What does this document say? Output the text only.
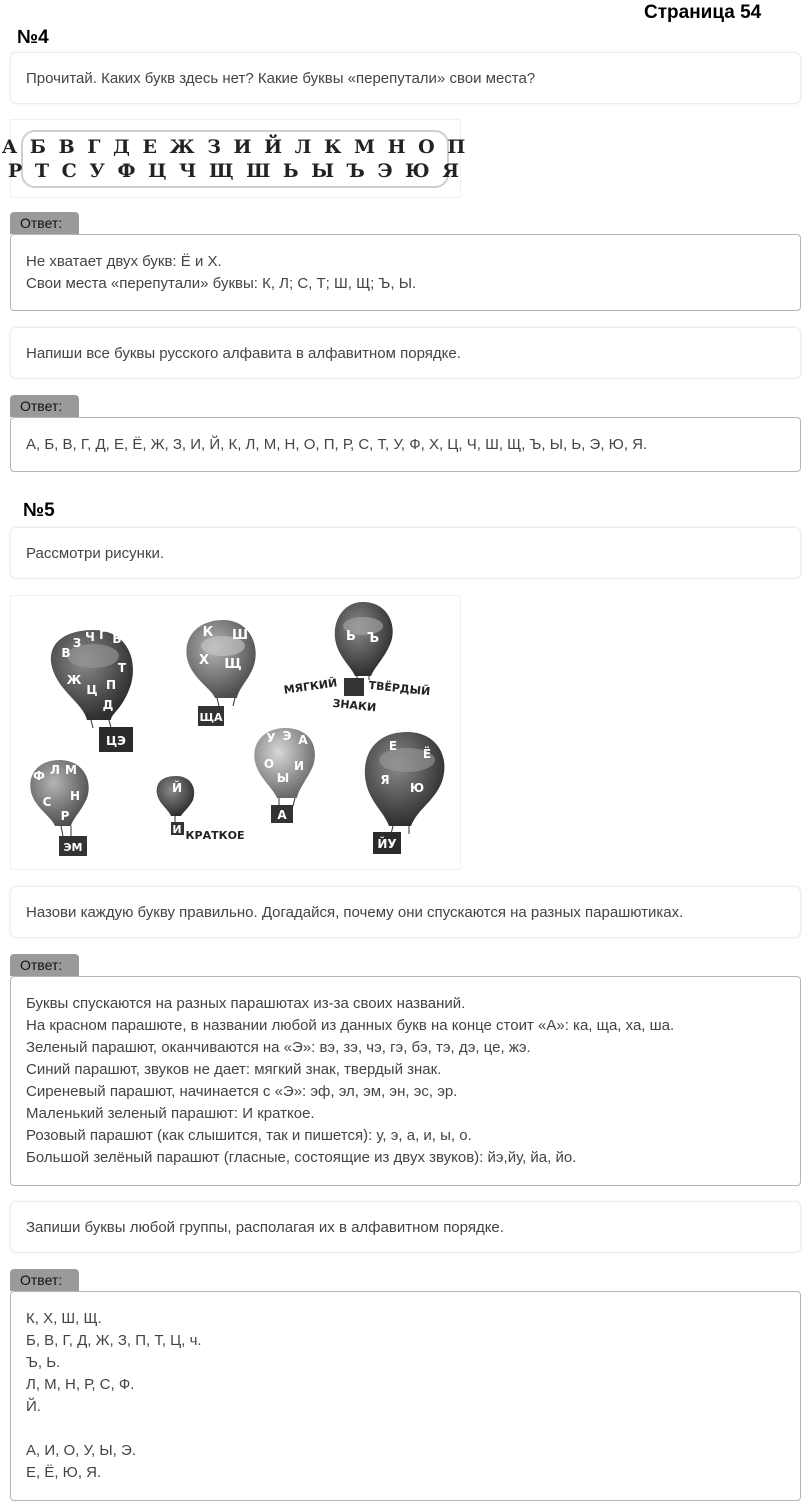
Страница 54
№4
Прочитай. Каких букв здесь нет? Какие буквы «перепутали» свои места?
А Б В Г Д Е Ж З И Й Л К М Н О П
Р Т С У Ф Ц Ч Щ Ш Ь Ы Ъ Э Ю Я
Ответ:
Не хватает двух букв: Ё и Х.
Свои места «перепутали» буквы: К, Л; С, Т; Ш, Щ; Ъ, Ы.
Напиши все буквы русского алфавита в алфавитном порядке.
Ответ:
А, Б, В, Г, Д, Е, Ё, Ж, З, И, Й, К, Л, М, Н, О, П, Р, С, Т, У, Ф, Х, Ц, Ч, Ш, Щ, Ъ, Ы, Ь, Э, Ю, Я.
№5
Рассмотри рисунки.
ЦЭ
В
З Ч Г Б
Ж
Ц П
Т
Д
ЩА
К Ш
Х Щ
Ь Ъ
МЯГКИЙ	ТВЁРДЫЙ
ЗНАКИ
ЭМ
Ф Л М
С Н
Р
И
Й
КРАТКОЕ
А
У Э А
О И
Ы
ЙУ
Е
Ё
Я
Ю
Назови каждую букву правильно. Догадайся, почему они спускаются на разных парашютиках.
Ответ:
Буквы спускаются на разных парашютах из-за своих названий.
На красном парашюте, в названии любой из данных букв на конце стоит «А»: ка, ща, ха, ша.
Зеленый парашют, оканчиваются на «Э»: вэ, зэ, чэ, гэ, бэ, тэ, дэ, це, жэ.
Синий парашют, звуков не дает: мягкий знак, твердый знак.
Сиреневый парашют, начинается с «Э»: эф, эл, эм, эн, эс, эр.
Маленький зеленый парашют: И краткое.
Розовый парашют (как слышится, так и пишется): у, э, а, и, ы, о.
Большой зелёный парашют (гласные, состоящие из двух звуков): йэ,йу, йа, йо.
Запиши буквы любой группы, располагая их в алфавитном порядке.
Ответ:
К, Х, Ш, Щ.
Б, В, Г, Д, Ж, З, П, Т, Ц, ч.
Ъ, Ь.
Л, М, Н, Р, С, Ф.
Й.
А, И, О, У, Ы, Э.
Е, Ё, Ю, Я.
